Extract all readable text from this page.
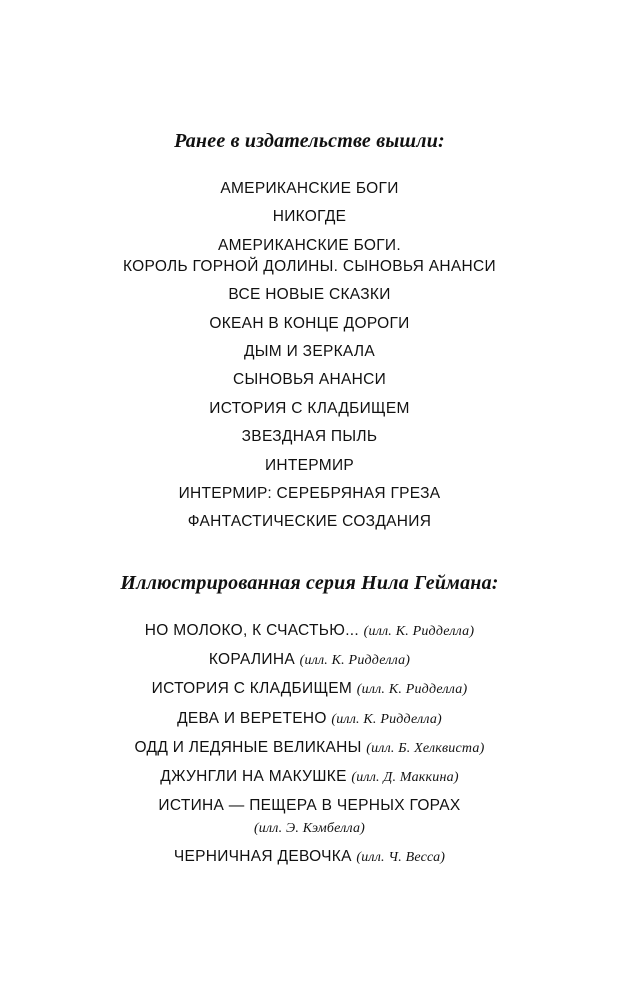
Ранее в издательстве вышли:
АМЕРИКАНСКИЕ БОГИ
НИКОГДЕ
АМЕРИКАНСКИЕ БОГИ.
КОРОЛЬ ГОРНОЙ ДОЛИНЫ. СЫНОВЬЯ АНАНСИ
ВСЕ НОВЫЕ СКАЗКИ
ОКЕАН В КОНЦЕ ДОРОГИ
ДЫМ И ЗЕРКАЛА
СЫНОВЬЯ АНАНСИ
ИСТОРИЯ С КЛАДБИЩЕМ
ЗВЕЗДНАЯ ПЫЛЬ
ИНТЕРМИР
ИНТЕРМИР: СЕРЕБРЯНАЯ ГРЕЗА
ФАНТАСТИЧЕСКИЕ СОЗДАНИЯ
Иллюстрированная серия Нила Геймана:
НО МОЛОКО, К СЧАСТЬЮ... (илл. К. Ридделла)
КОРАЛИНА (илл. К. Ридделла)
ИСТОРИЯ С КЛАДБИЩЕМ (илл. К. Ридделла)
ДЕВА И ВЕРЕТЕНО (илл. К. Ридделла)
ОДД И ЛЕДЯНЫЕ ВЕЛИКАНЫ (илл. Б. Хелквиста)
ДЖУНГЛИ НА МАКУШКЕ (илл. Д. Маккина)
ИСТИНА — ПЕЩЕРА В ЧЕРНЫХ ГОРАХ
(илл. Э. Кэмбелла)
ЧЕРНИЧНАЯ ДЕВОЧКА (илл. Ч. Весса)
